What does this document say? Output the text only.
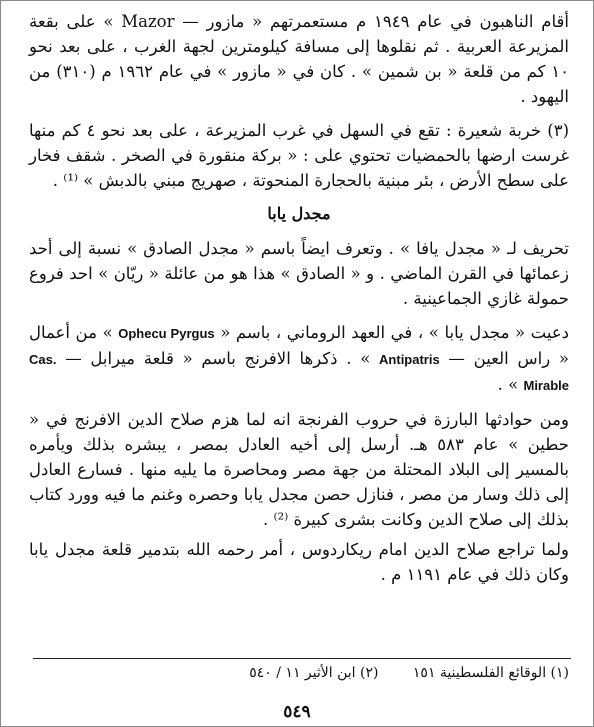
أقام الناهبون في عام ١٩٤٩ م مستعمرتهم « مازور — Mazor » على بقعة المزيرعة العربية . ثم نقلوها إلى مسافة كيلومترين لجهة الغرب ، على بعد نحو ١٠ كم من قلعة « بن شمين » . كان في « مازور » في عام ١٩٦٢ م (٣١٠) من اليهود .

(٣) خربة شعيرة : تقع في السهل في غرب المزيرعة ، على بعد نحو ٤ كم منها غرست ارضها بالحمضيات تحتوي على : « بركة منقورة في الصخر . شقف فخار على سطح الأرض ، بئر مبنية بالحجارة المنحوتة ، صهريج مبني بالدبش » ⁽¹⁾ .

مجدل يابا

تحريف لـ « مجدل يافا » . وتعرف ايضاً باسم « مجدل الصادق » نسبة إلى أحد زعمائها في القرن الماضي . و « الصادق » هذا هو من عائلة « ريّان » احد فروع حمولة غازي الجماعينية .

دعيت « مجدل يابا » ، في العهد الروماني ، باسم « Ophecu Pyrgus » من أعمال « راس العين — Antipatris » . ذكرها الافرنج باسم « قلعة ميرابل — Cas. Mirable » .

ومن حوادثها البارزة في حروب الفرنجة انه لما هزم صلاح الدين الافرنج في « حطين » عام ٥٨٣ هـ. أرسل إلى أخيه العادل بمصر ، يبشره بذلك ويأمره بالمسير إلى البلاد المحتلة من جهة مصر ومحاصرة ما يليه منها . فسارع العادل إلى ذلك وسار من مصر ، فنازل حصن مجدل يابا وحصره وغنم ما فيه وورد كتاب بذلك إلى صلاح الدين وكانت بشرى كبيرة ⁽²⁾ .

ولما تراجع صلاح الدين امام ريكاردوس ، أمر رحمه الله بتدمير قلعة مجدل يابا وكان ذلك في عام ١١٩١ م .

(١) الوقائع الفلسطينية ١٥١ (٢) ابن الأثير ١١ / ٥٤٠
٥٤٩
